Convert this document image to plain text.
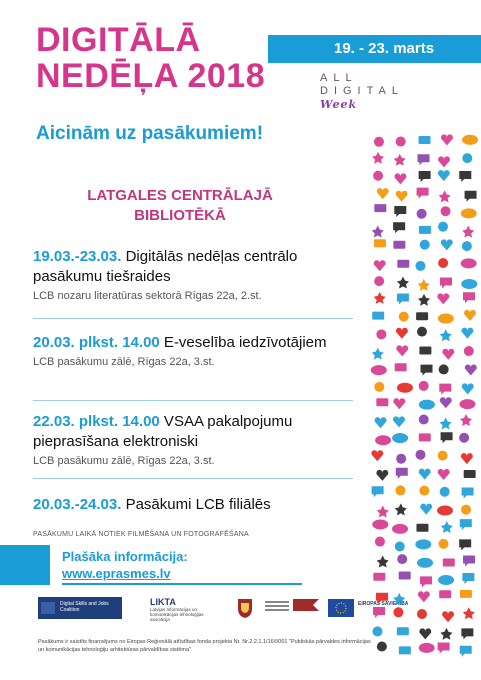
DIGITĀLĀ
NEDĒĻA 2018
19. - 23. marts
ALL
DIGITAL
Week
Aicinām uz pasākumiem!
LATGALES CENTRĀLAJĀ
BIBLIOTĒKĀ
19.03.-23.03. Digitālās nedēļas centrālo pasākumu tiešraides
LCB nozaru literatūras sektorā Rīgas 22a, 2.st.
20.03. plkst. 14.00 E-veselība iedzīvotājiem
LCB pasākumu zālē, Rīgas 22a, 3.st.
22.03. plkst. 14.00 VSAA pakalpojumu pieprasīšana elektroniski
LCB pasākumu zālē, Rīgas 22a, 3.st.
20.03.-24.03. Pasākumi LCB filiālēs
PASĀKUMU LAIKĀ NOTIEK FILMĒŠANA UN FOTOGRAFĒŠANA
Plašāka informācija:
www.eprasmes.lv
Digital Skills and Jobs Coalition
LIKTA
Latvijas Informācijas un komunikācijas tehnoloģijas asociācija
EIROPAS SAVIENĪBA
Pasākums ir saistīts finansējums no Eiropas Reģionālā attīstības fonda projekta Nr. Nr.2.2.1.1/16/I/001 "Publiskās pārvaldes informācijas un komunikācijas tehnoloģiju arhitektūras pārvaldības sistēma"
